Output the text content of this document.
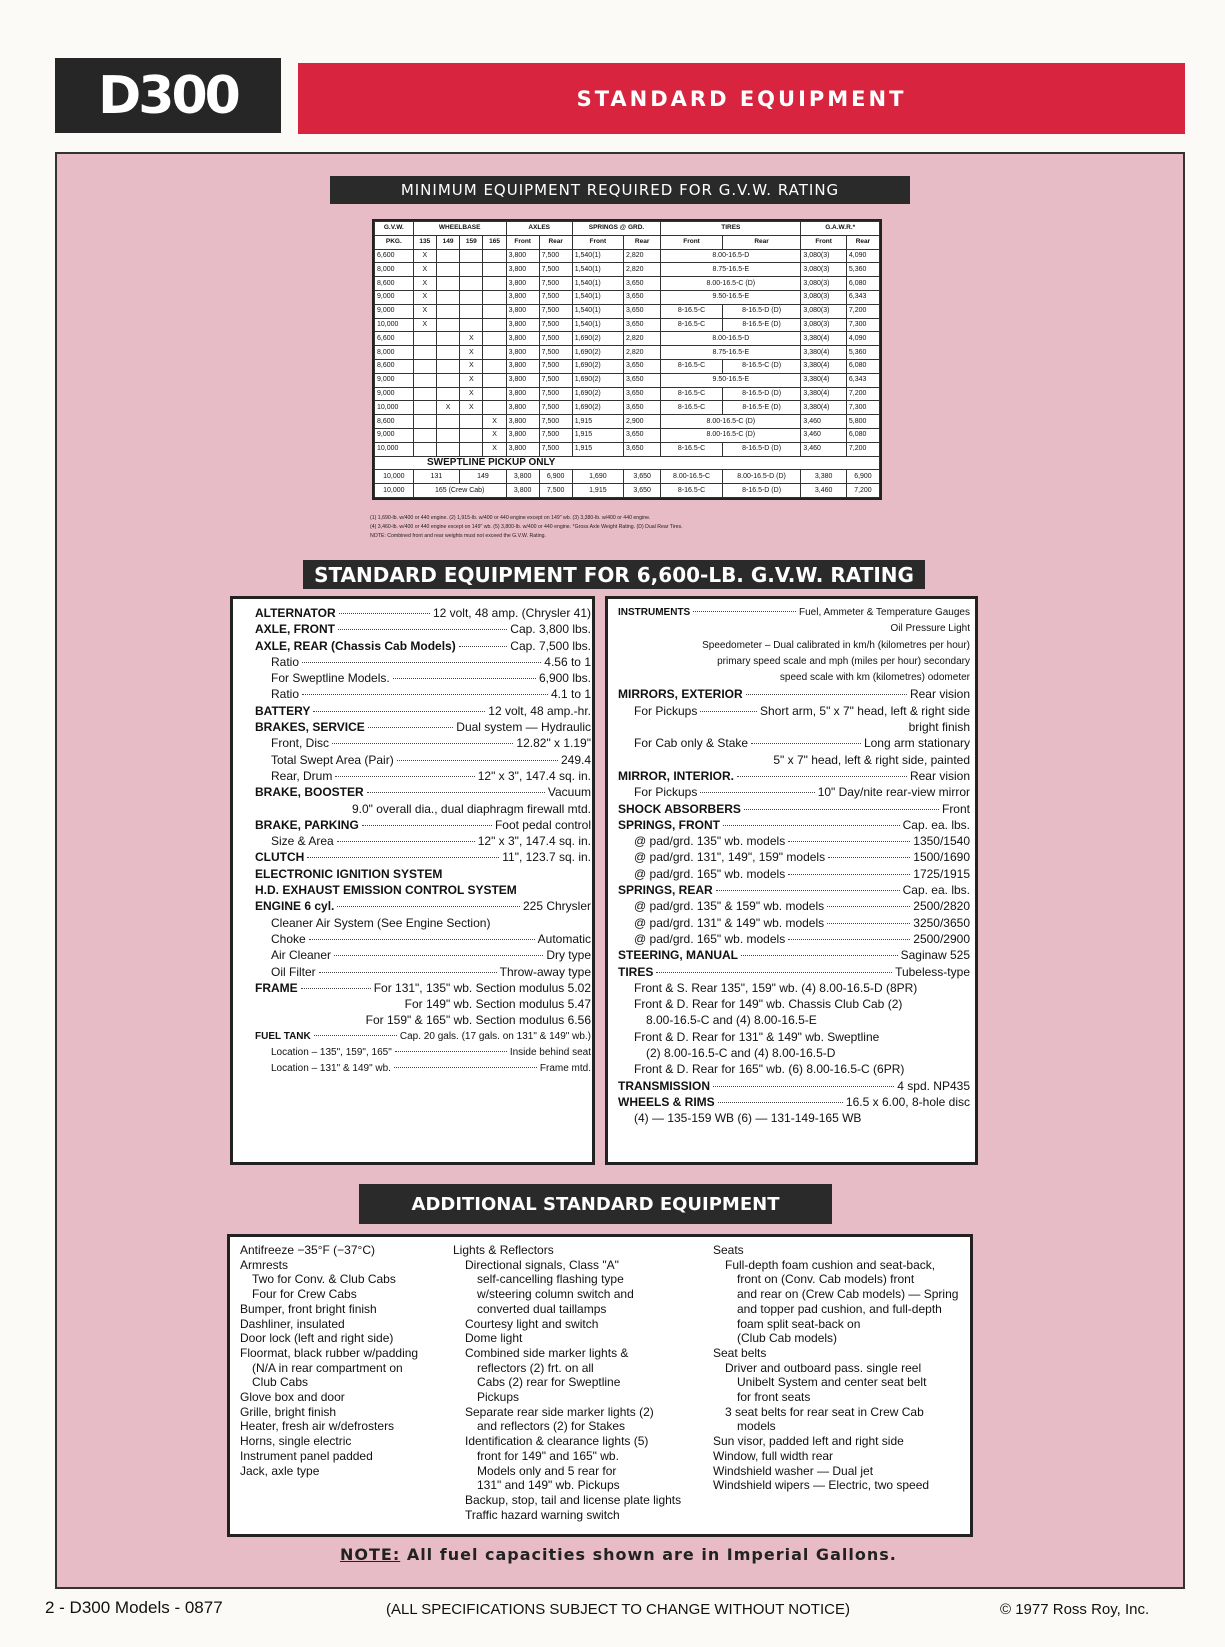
D300	STANDARD EQUIPMENT
MINIMUM EQUIPMENT REQUIRED FOR G.V.W. RATING
G.V.W.	WHEELBASE				AXLES		SPRINGS @ GRD.		TIRES		G.A.W.R.*	
PKG.	135	149	159	165	Front	Rear	Front	Rear	Front	Rear	Front	Rear
6,600	X				3,800	7,500	1,540(1)	2,820	8.00-16.5-D		3,080(3)	4,090
8,000	X				3,800	7,500	1,540(1)	2,820	8.75-16.5-E		3,080(3)	5,360
8,600	X				3,800	7,500	1,540(1)	3,650	8.00-16.5-C (D)		3,080(3)	6,080
9,000	X				3,800	7,500	1,540(1)	3,650	9.50-16.5-E		3,080(3)	6,343
9,000	X				3,800	7,500	1,540(1)	3,650	8-16.5-C	8-16.5-D (D)	3,080(3)	7,200
10,000	X				3,800	7,500	1,540(1)	3,650	8-16.5-C	8-16.5-E (D)	3,080(3)	7,300
6,600			X		3,800	7,500	1,690(2)	2,820	8.00-16.5-D		3,380(4)	4,090
8,000			X		3,800	7,500	1,690(2)	2,820	8.75-16.5-E		3,380(4)	5,360
8,600			X		3,800	7,500	1,690(2)	3,650	8-16.5-C	8-16.5-C (D)	3,380(4)	6,080
9,000			X		3,800	7,500	1,690(2)	3,650	9.50-16.5-E		3,380(4)	6,343
9,000			X		3,800	7,500	1,690(2)	3,650	8-16.5-C	8-16.5-D (D)	3,380(4)	7,200
10,000		X	X		3,800	7,500	1,690(2)	3,650	8-16.5-C	8-16.5-E (D)	3,380(4)	7,300
8,600				X	3,800	7,500	1,915	2,900	8.00-16.5-C (D)		3,460	5,800
9,000				X	3,800	7,500	1,915	3,650	8.00-16.5-C (D)		3,460	6,080
10,000				X	3,800	7,500	1,915	3,650	8-16.5-C	8-16.5-D (D)	3,460	7,200
SWEPTLINE PICKUP ONLY												
10,000	131		149		3,800	6,900	1,690	3,650	8.00-16.5-C	8.00-16.5-D (D)	3,380	6,900
10,000	165 (Crew Cab)				3,800	7,500	1,915	3,650	8-16.5-C	8-16.5-D (D)	3,460	7,200
(1) 1,690-lb. w/400 or 440 engine. (2) 1,915-lb. w/400 or 440 engine except on 149" wb. (3) 3,380-lb. w/400 or 440 engine.
(4) 3,460-lb. w/400 or 440 engine except on 149" wb. (5) 3,800-lb. w/400 or 440 engine. *Gross Axle Weight Rating. (D) Dual Rear Tires.
NOTE: Combined front and rear weights must not exceed the G.V.W. Rating.
STANDARD EQUIPMENT FOR 6,600-LB. G.V.W. RATING
ALTERNATOR	12 volt, 48 amp. (Chrysler 41)
AXLE, FRONT	Cap. 3,800 lbs.
AXLE, REAR (Chassis Cab Models)	Cap. 7,500 lbs.
Ratio	4.56 to 1
For Sweptline Models.	6,900 lbs.
Ratio	4.1 to 1
BATTERY	12 volt, 48 amp.-hr.
BRAKES, SERVICE	Dual system — Hydraulic
Front, Disc	12.82" x 1.19"
Total Swept Area (Pair)	249.4
Rear, Drum	12" x 3", 147.4 sq. in.
BRAKE, BOOSTER	Vacuum
9.0" overall dia., dual diaphragm firewall mtd.
BRAKE, PARKING	Foot pedal control
Size & Area	12" x 3", 147.4 sq. in.
CLUTCH	11", 123.7 sq. in.
ELECTRONIC IGNITION SYSTEM
H.D. EXHAUST EMISSION CONTROL SYSTEM
ENGINE 6 cyl.	225 Chrysler
Cleaner Air System (See Engine Section)
Choke	Automatic
Air Cleaner	Dry type
Oil Filter	Throw-away type
FRAME	For 131", 135" wb. Section modulus 5.02
For 149" wb. Section modulus 5.47
For 159" & 165" wb. Section modulus 6.56
FUEL TANK	Cap. 20 gals. (17 gals. on 131" & 149" wb.)
Location – 135", 159", 165"	Inside behind seat
Location – 131" & 149" wb.	Frame mtd.
INSTRUMENTS	Fuel, Ammeter & Temperature Gauges
Oil Pressure Light
Speedometer – Dual calibrated in km/h (kilometres per hour)
primary speed scale and mph (miles per hour) secondary
speed scale with km (kilometres) odometer
MIRRORS, EXTERIOR	Rear vision
For Pickups	Short arm, 5" x 7" head, left & right side
bright finish
For Cab only & Stake	Long arm stationary
5" x 7" head, left & right side, painted
MIRROR, INTERIOR.	Rear vision
For Pickups	10" Day/nite rear-view mirror
SHOCK ABSORBERS	Front
SPRINGS, FRONT	Cap. ea. lbs.
@ pad/grd. 135" wb. models	1350/1540
@ pad/grd. 131", 149", 159" models	1500/1690
@ pad/grd. 165" wb. models	1725/1915
SPRINGS, REAR	Cap. ea. lbs.
@ pad/grd. 135" & 159" wb. models	2500/2820
@ pad/grd. 131" & 149" wb. models	3250/3650
@ pad/grd. 165" wb. models	2500/2900
STEERING, MANUAL	Saginaw 525
TIRES	Tubeless-type
Front & S. Rear 135", 159" wb. (4) 8.00-16.5-D (8PR)
Front & D. Rear for 149" wb. Chassis Club Cab (2)
8.00-16.5-C and (4) 8.00-16.5-E
Front & D. Rear for 131" & 149" wb. Sweptline
(2) 8.00-16.5-C and (4) 8.00-16.5-D
Front & D. Rear for 165" wb. (6) 8.00-16.5-C (6PR)
TRANSMISSION	4 spd. NP435
WHEELS & RIMS	16.5 x 6.00, 8-hole disc
(4) — 135-159 WB (6) — 131-149-165 WB
ADDITIONAL STANDARD EQUIPMENT
Antifreeze −35°F (−37°C)
Armrests
Two for Conv. & Club Cabs
Four for Crew Cabs
Bumper, front bright finish
Dashliner, insulated
Door lock (left and right side)
Floormat, black rubber w/padding
(N/A in rear compartment on
Club Cabs
Glove box and door
Grille, bright finish
Heater, fresh air w/defrosters
Horns, single electric
Instrument panel padded
Jack, axle type
Lights & Reflectors
Directional signals, Class "A"
self-cancelling flashing type
w/steering column switch and
converted dual taillamps
Courtesy light and switch
Dome light
Combined side marker lights &
reflectors (2) frt. on all
Cabs (2) rear for Sweptline
Pickups
Separate rear side marker lights (2)
and reflectors (2) for Stakes
Identification & clearance lights (5)
front for 149" and 165" wb.
Models only and 5 rear for
131" and 149" wb. Pickups
Backup, stop, tail and license plate lights
Traffic hazard warning switch
Seats
Full-depth foam cushion and seat-back,
front on (Conv. Cab models) front
and rear on (Crew Cab models) — Spring
and topper pad cushion, and full-depth
foam split seat-back on
(Club Cab models)
Seat belts
Driver and outboard pass. single reel
Unibelt System and center seat belt
for front seats
3 seat belts for rear seat in Crew Cab
models
Sun visor, padded left and right side
Window, full width rear
Windshield washer — Dual jet
Windshield wipers — Electric, two speed
NOTE: All fuel capacities shown are in Imperial Gallons.
2 - D300 Models - 0877	(ALL SPECIFICATIONS SUBJECT TO CHANGE WITHOUT NOTICE)	© 1977 Ross Roy, Inc.
